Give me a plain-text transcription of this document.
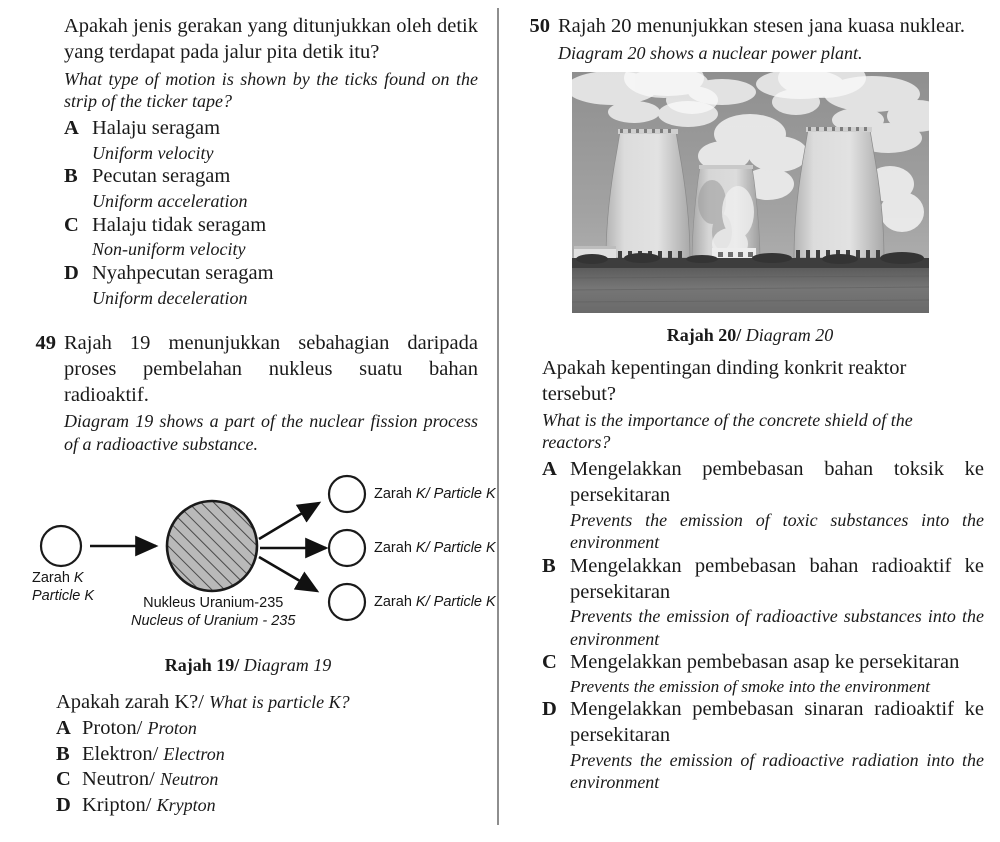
Apakah jenis gerakan yang ditunjukkan oleh detik yang terdapat pada jalur pita detik itu?

What type of motion is shown by the ticks found on the strip of the ticker tape?

A Halaju seragam

Uniform velocity

B Pecutan seragam

Uniform acceleration

C Halaju tidak seragam

Non-uniform velocity

D Nyahpecutan seragam

Uniform deceleration

49 Rajah 19 menunjukkan sebahagian daripada proses pembelahan nukleus suatu bahan radioaktif.

Diagram 19 shows a part of the nuclear fission process of a radioactive substance.

Zarah K
Particle K	Nukleus Uranium-235
Nucleus of Uranium - 235
Zarah K/ Particle K
Zarah K/ Particle K
Zarah K/ Particle K

Rajah 19/ Diagram 19

Apakah zarah K?/ What is particle K?

A Proton/ Proton

B Elektron/ Electron

C Neutron/ Neutron

D Kripton/ Krypton

50 Rajah 20 menunjukkan stesen jana kuasa nuklear.

Diagram 20 shows a nuclear power plant.

Rajah 20/ Diagram 20

Apakah kepentingan dinding konkrit reaktor tersebut?

What is the importance of the concrete shield of the reactors?

A Mengelakkan pembebasan bahan toksik ke persekitaran

Prevents the emission of toxic substances into the environment

B Mengelakkan pembebasan bahan radioaktif ke persekitaran

Prevents the emission of radioactive substances into the environment

C Mengelakkan pembebasan asap ke persekitaran

Prevents the emission of smoke into the environment

D Mengelakkan pembebasan sinaran radioaktif ke persekitaran

Prevents the emission of radioactive radiation into the environment
